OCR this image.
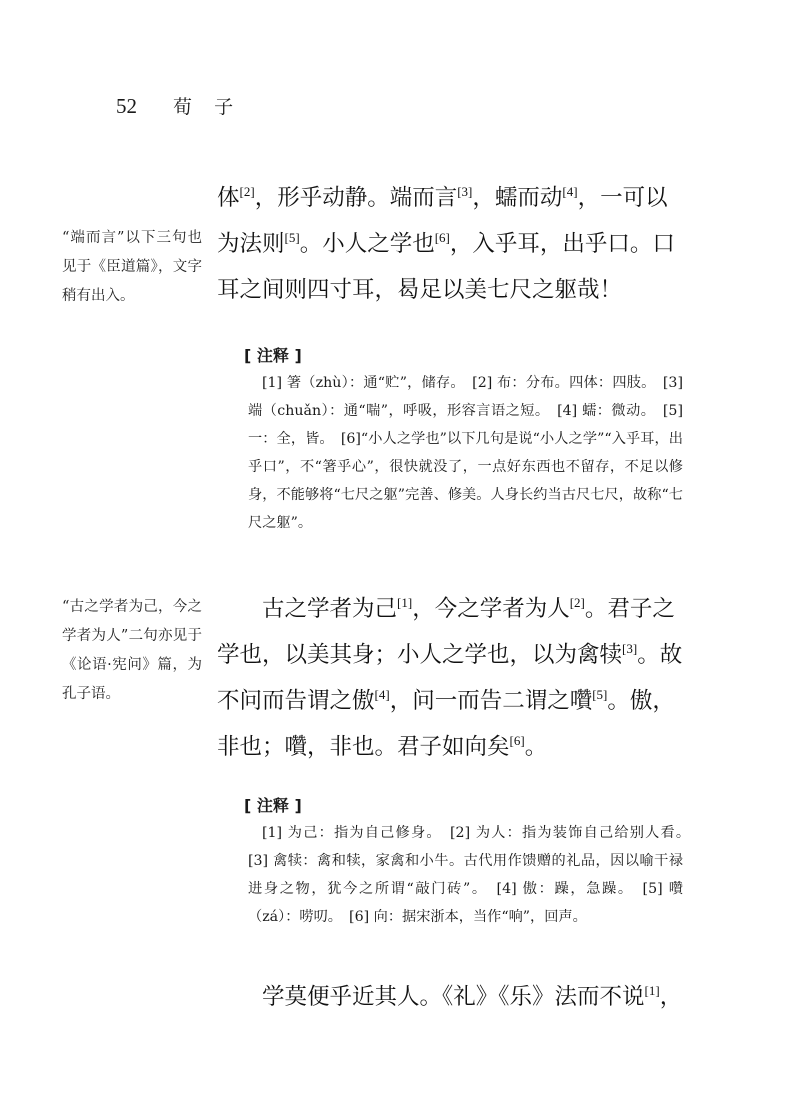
52 荀 子
“端而言”以下三句也见于《臣道篇》，文字稍有出入。

体[2]，形乎动静。端而言[3]，蠕而动[4]，一可以为法则[5]。小人之学也[6]，入乎耳，出乎口。口耳之间则四寸耳，曷足以美七尺之躯哉！

[ 注释 ]
[1] 箸（zhù）：通“贮”，储存。　[2] 布：分布。四体：四肢。　[3] 端（chuǎn）：通“喘”，呼吸，形容言语之短。　[4] 蠕：微动。　[5] 一：全，皆。　[6]“小人之学也”以下几句是说“小人之学”“入乎耳，出乎口”，不“箸乎心”，很快就没了，一点好东西也不留存，不足以修身，不能够将“七尺之躯”完善、修美。人身长约当古尺七尺，故称“七尺之躯”。
“古之学者为己，今之学者为人”二句亦见于《论语·宪问》篇，为孔子语。

古之学者为己[1]，今之学者为人[2]。君子之学也，以美其身；小人之学也，以为禽犊[3]。故不问而告谓之傲[4]，问一而告二谓之囋[5]。傲，非也；囋，非也。君子如向矣[6]。

[ 注释 ]
[1] 为己：指为自己修身。　[2] 为人：指为装饰自己给别人看。　[3] 禽犊：禽和犊，家禽和小牛。古代用作馈赠的礼品，因以喻干禄进身之物，犹今之所谓“敲门砖”。　[4] 傲：躁，急躁。　[5] 囋（zá）：唠叨。　[6] 向：据宋浙本，当作“响”，回声。

学莫便乎近其人。《礼》《乐》法而不说[1]，
